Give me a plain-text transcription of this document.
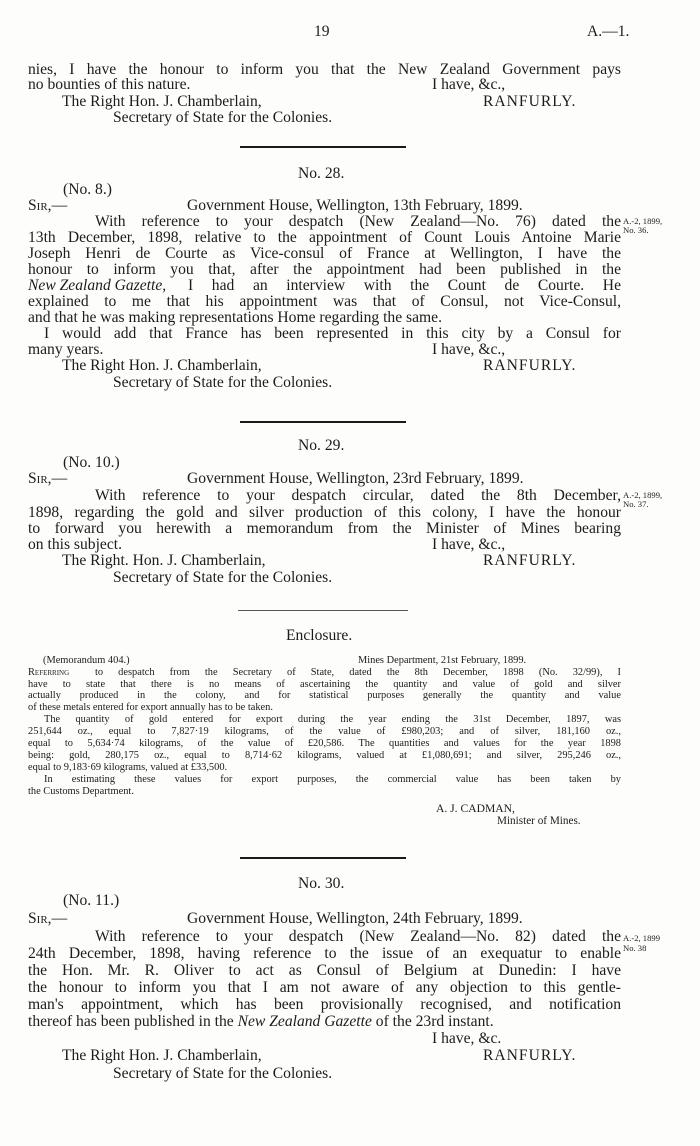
19	A.—1.
nies, I have the honour to inform you that the New Zealand Government pays
no bounties of this nature.	I have, &c.,
The Right Hon. J. Chamberlain,	RANFURLY.
Secretary of State for the Colonies.
No. 28.
(No. 8.)
Sir,—	Government House, Wellington, 13th February, 1899.
A.-2, 1899,
No. 36.
With reference to your despatch (New Zealand—No. 76) dated the
13th December, 1898, relative to the appointment of Count Louis Antoine Marie
Joseph Henri de Courte as Vice-consul of France at Wellington, I have the
honour to inform you that, after the appointment had been published in the
New Zealand Gazette, I had an interview with the Count de Courte. He
explained to me that his appointment was that of Consul, not Vice-Consul,
and that he was making representations Home regarding the same.
I would add that France has been represented in this city by a Consul for
many years.	I have, &c.,
The Right Hon. J. Chamberlain,	RANFURLY.
Secretary of State for the Colonies.
No. 29.
(No. 10.)
Sir,—	Government House, Wellington, 23rd February, 1899.
A.-2, 1899,
No. 37.
With reference to your despatch circular, dated the 8th December,
1898, regarding the gold and silver production of this colony, I have the honour
to forward you herewith a memorandum from the Minister of Mines bearing
on this subject.	I have, &c.,
The Right. Hon. J. Chamberlain,	RANFURLY.
Secretary of State for the Colonies.
Enclosure.
(Memorandum 404.)	Mines Department, 21st February, 1899.
Referring to despatch from the Secretary of State, dated the 8th December, 1898 (No. 32/99), I
have to state that there is no means of ascertaining the quantity and value of gold and silver
actually produced in the colony, and for statistical purposes generally the quantity and value
of these metals entered for export annually has to be taken.
The quantity of gold entered for export during the year ending the 31st December, 1897, was
251,644 oz., equal to 7,827·19 kilograms, of the value of £980,203; and of silver, 181,160 oz.,
equal to 5,634·74 kilograms, of the value of £20,586. The quantities and values for the year 1898
being: gold, 280,175 oz., equal to 8,714·62 kilograms, valued at £1,080,691; and silver, 295,246 oz.,
equal to 9,183·69 kilograms, valued at £33,500.
In estimating these values for export purposes, the commercial value has been taken by
the Customs Department.
A. J. CADMAN,
Minister of Mines.
No. 30.
(No. 11.)
Sir,—	Government House, Wellington, 24th February, 1899.
A.-2, 1899
No. 38
With reference to your despatch (New Zealand—No. 82) dated the
24th December, 1898, having reference to the issue of an exequatur to enable
the Hon. Mr. R. Oliver to act as Consul of Belgium at Dunedin: I have
the honour to inform you that I am not aware of any objection to this gentle-
man's appointment, which has been provisionally recognised, and notification
thereof has been published in the New Zealand Gazette of the 23rd instant.
I have, &c.
The Right Hon. J. Chamberlain,	RANFURLY.
Secretary of State for the Colonies.
